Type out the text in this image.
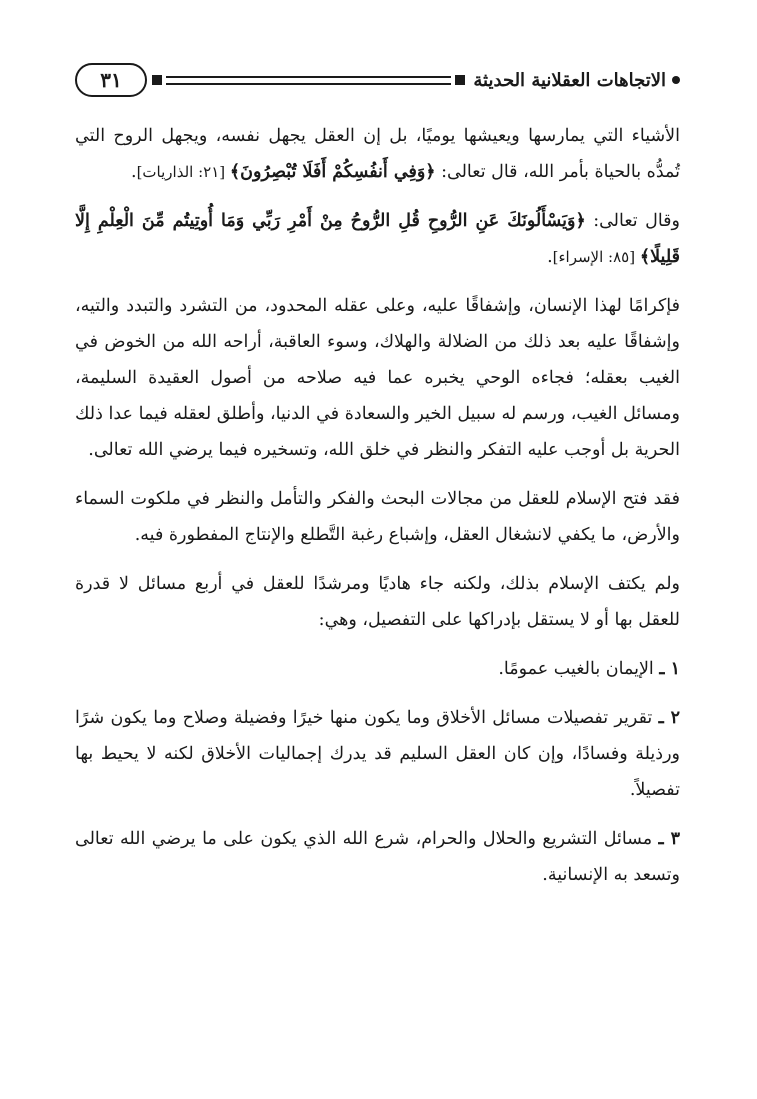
٣١	الاتجاهات العقلانية الحديثة

الأشياء التي يمارسها ويعيشها يوميًا، بل إن العقل يجهل نفسه، ويجهل الروح التي تُمدُّه بالحياة بأمر الله، قال تعالى: ﴿وَفِي أَنفُسِكُمْ أَفَلَا تُبْصِرُونَ﴾ [٢١: الذاريات].

وقال تعالى: ﴿وَيَسْأَلُونَكَ عَنِ الرُّوحِ قُلِ الرُّوحُ مِنْ أَمْرِ رَبِّي وَمَا أُوتِيتُم مِّنَ الْعِلْمِ إِلَّا قَلِيلًا﴾ [٨٥: الإسراء].

فإكرامًا لهذا الإنسان، وإشفاقًا عليه، وعلى عقله المحدود، من التشرد والتبدد والتيه، وإشفاقًا عليه بعد ذلك من الضلالة والهلاك، وسوء العاقبة، أراحه الله من الخوض في الغيب بعقله؛ فجاءه الوحي يخبره عما فيه صلاحه من أصول العقيدة السليمة، ومسائل الغيب، ورسم له سبيل الخير والسعادة في الدنيا، وأطلق لعقله فيما عدا ذلك الحرية بل أوجب عليه التفكر والنظر في خلق الله، وتسخيره فيما يرضي الله تعالى.

فقد فتح الإسلام للعقل من مجالات البحث والفكر والتأمل والنظر في ملكوت السماء والأرض، ما يكفي لانشغال العقل، وإشباع رغبة التَّطلع والإنتاج المفطورة فيه.

ولم يكتف الإسلام بذلك، ولكنه جاء هاديًا ومرشدًا للعقل في أربع مسائل لا قدرة للعقل بها أو لا يستقل بإدراكها على التفصيل، وهي:

١ ـ الإيمان بالغيب عمومًا.

٢ ـ تقرير تفصيلات مسائل الأخلاق وما يكون منها خيرًا وفضيلة وصلاح وما يكون شرًا ورذيلة وفسادًا، وإن كان العقل السليم قد يدرك إجماليات الأخلاق لكنه لا يحيط بها تفصيلاً.

٣ ـ مسائل التشريع والحلال والحرام، شرع الله الذي يكون على ما يرضي الله تعالى وتسعد به الإنسانية.
